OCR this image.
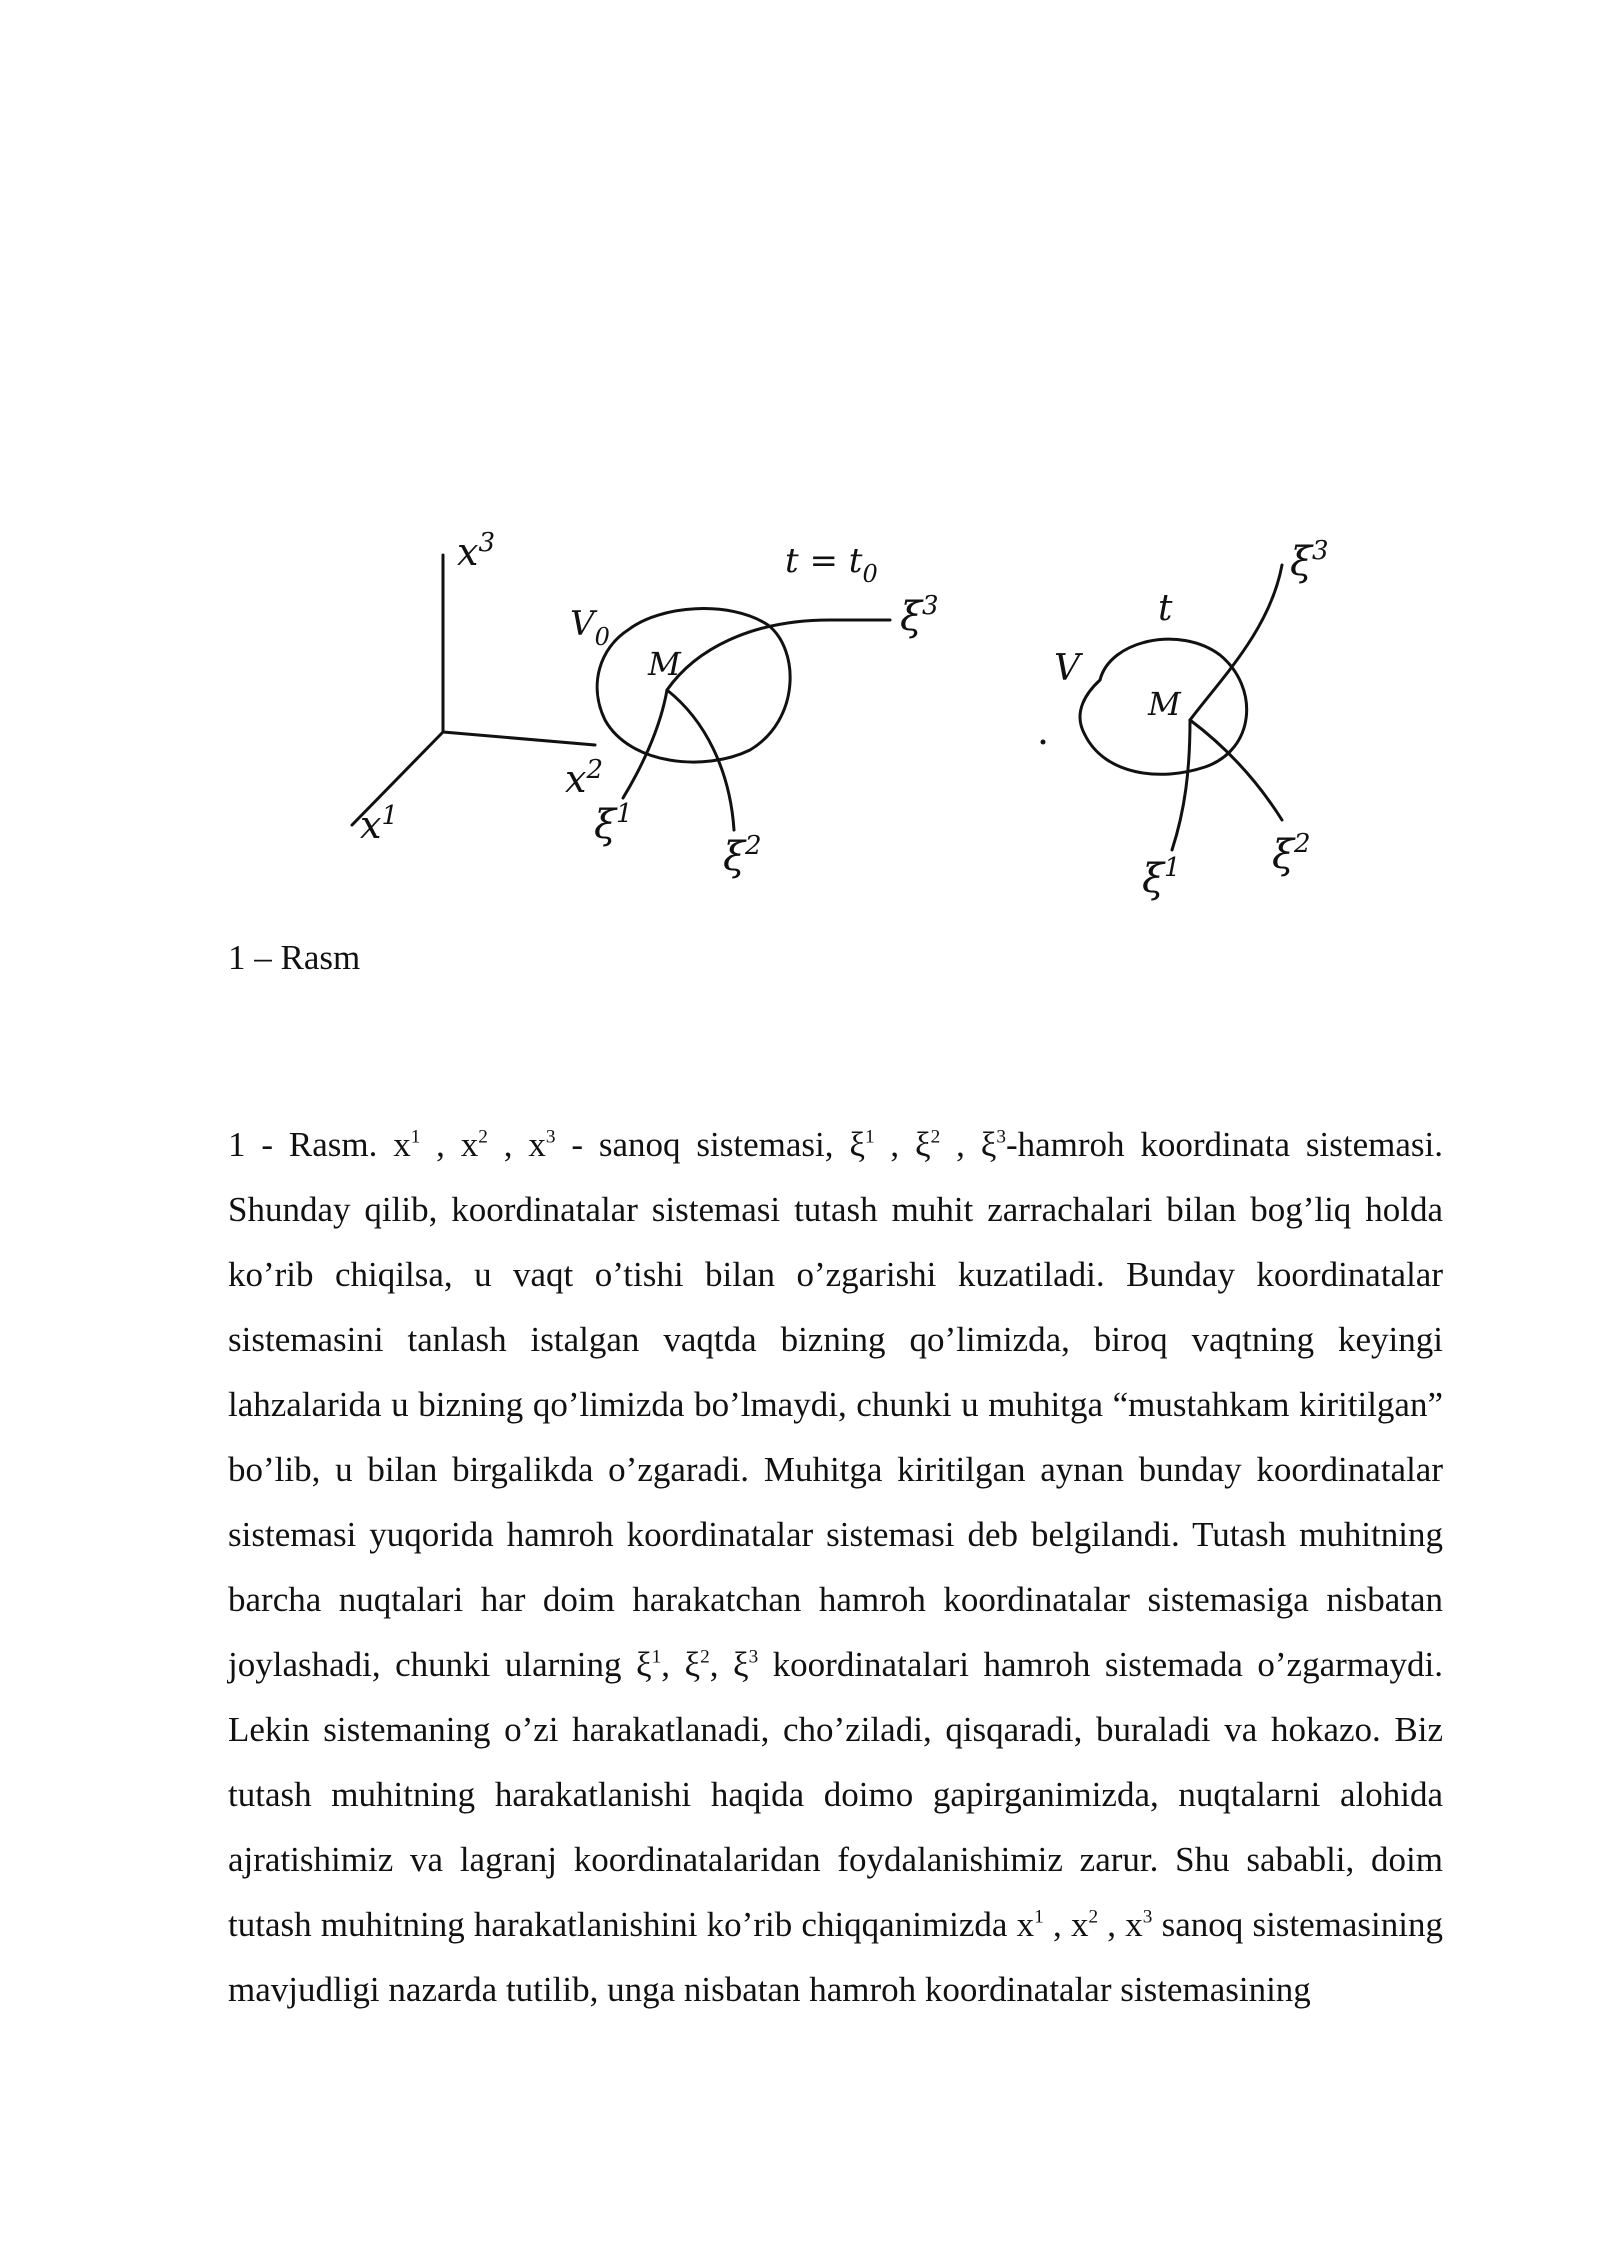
$x^3$
$x^2$
$x^1$
$t = t_0$
$V_0$
M
$\xi^3$
$\xi^1$
$\xi^2$
V
t
M
$\xi^3$
$\xi^1$ $\xi^2$
1 – Rasm

1 - Rasm. $x^1$ , $x^2$ , $x^3$ - sanoq sistemasi, $\xi^1$ , $\xi^2$ , $\xi^3$-hamroh koordinata sistemasi. Shunday qilib, koordinatalar sistemasi tutash muhit zarrachalari bilan bog’liq holda ko’rib chiqilsa, u vaqt o’tishi bilan o’zgarishi kuzatiladi. Bunday koordinatalar sistemasini tanlash istalgan vaqtda bizning qo’limizda, biroq vaqtning keyingi lahzalarida u bizning qo’limizda bo’lmaydi, chunki u muhitga “mustahkam kiritilgan” bo’lib, u bilan birgalikda o’zgaradi. Muhitga kiritilgan aynan bunday koordinatalar sistemasi yuqorida hamroh koordinatalar sistemasi deb belgilandi. Tutash muhitning barcha nuqtalari har doim harakatchan hamroh koordinatalar sistemasiga nisbatan joylashadi, chunki ularning $\xi^1$, $\xi^2$, $\xi^3$ koordinatalari hamroh sistemada o’zgarmaydi. Lekin sistemaning o’zi harakatlanadi, cho’ziladi, qisqaradi, buraladi va hokazo. Biz tutash muhitning harakatlanishi haqida doimo gapirganimizda, nuqtalarni alohida ajratishimiz va lagranj koordinatalaridan foydalanishimiz zarur. Shu sababli, doim tutash muhitning harakatlanishini ko’rib chiqqanimizda $x^1$ , $x^2$ , $x^3$ sanoq sistemasining mavjudligi nazarda tutilib, unga nisbatan hamroh koordinatalar sistemasining
